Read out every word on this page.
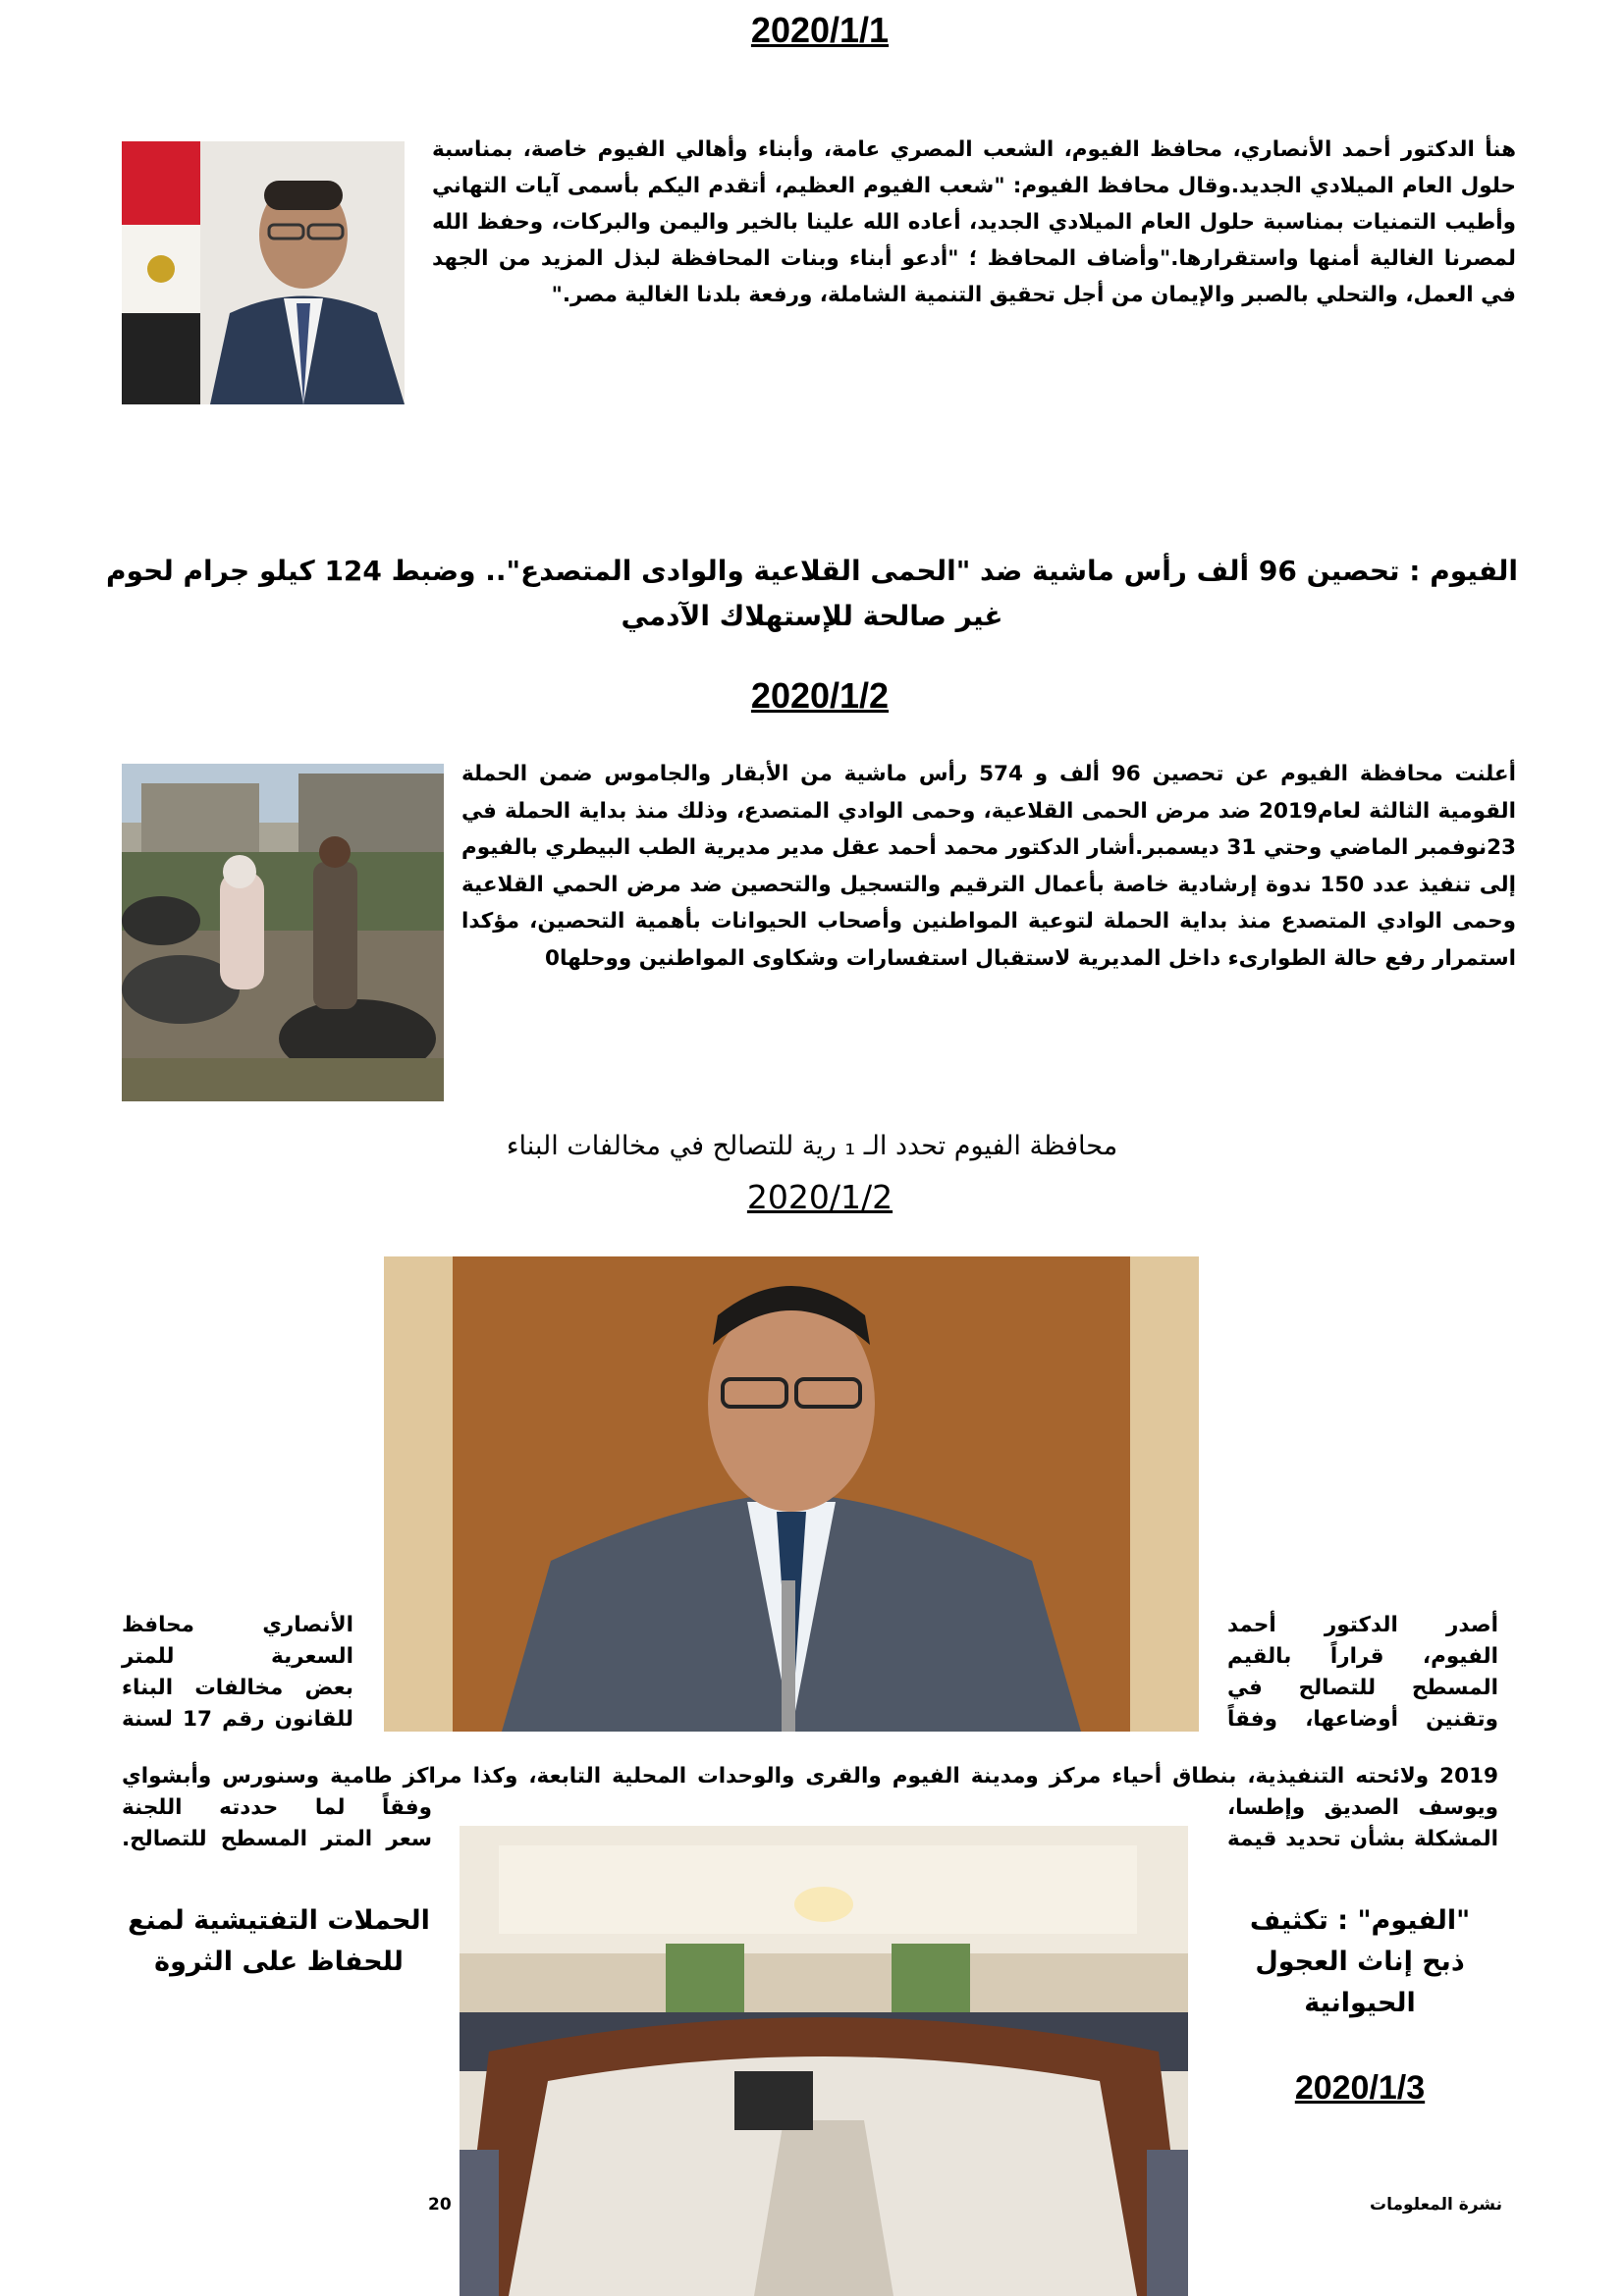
2020/1/1
هنأ الدكتور أحمد الأنصاري، محافظ الفيوم، الشعب المصري عامة، وأبناء وأهالي الفيوم خاصة، بمناسبة حلول العام الميلادي الجديد.وقال محافظ الفيوم: "شعب الفيوم العظيم، أتقدم اليكم بأسمى آيات التهاني وأطيب التمنيات بمناسبة حلول العام الميلادي الجديد، أعاده الله علينا بالخير واليمن والبركات، وحفظ الله لمصرنا الغالية أمنها واستقرارها."وأضاف المحافظ ؛ "أدعو أبناء وبنات المحافظة لبذل المزيد من الجهد في العمل، والتحلي بالصبر والإيمان من أجل تحقيق التنمية الشاملة، ورفعة بلدنا الغالية مصر."
الفيوم : تحصين 96 ألف رأس ماشية ضد "الحمى القلاعية والوادى المتصدع".. وضبط 124 كيلو جرام لحوم
غير صالحة للإستهلاك الآدمي
2020/1/2
أعلنت محافظة الفيوم عن تحصين 96 ألف و 574 رأس ماشية من الأبقار والجاموس ضمن الحملة القومية الثالثة لعام2019 ضد مرض الحمى القلاعية، وحمى الوادي المتصدع، وذلك منذ بداية الحملة في 23نوفمبر الماضي وحتي 31 ديسمبر.أشار الدكتور محمد أحمد عقل مدير مديرية الطب البيطري بالفيوم إلى تنفيذ عدد 150 ندوة إرشادية خاصة بأعمال الترقيم والتسجيل والتحصين ضد مرض الحمي القلاعية وحمى الوادي المتصدع منذ بداية الحملة لتوعية المواطنين وأصحاب الحيوانات بأهمية التحصين، مؤكدا استمرار رفع حالة الطوارىء داخل المديرية لاستقبال استفسارات وشكاوى المواطنين ووحلها0
محافظة الفيوم تحدد الـ ₁ رية للتصالح في مخالفات البناء
2020/1/2
أصدر الدكتور أحمد
الفيوم، قراراً بالقيم
المسطح للتصالح في
وتقنين أوضاعها، وفقاً
الأنصاري محافظ
السعرية للمتر
بعض مخالفات البناء
للقانون رقم 17 لسنة
2019 ولائحته التنفيذية، بنطاق أحياء مركز ومدينة الفيوم والقرى والوحدات المحلية التابعة، وكذا مراكز طامية وسنورس وأبشواي
ويوسف الصديق وإطسا،
المشكلة بشأن تحديد قيمة
وفقاً لما حددته اللجنة
سعر المتر المسطح للتصالح.
"الفيوم" : تكثيف
ذبح إناث العجول
الحيوانية
2020/1/3
الحملات التفتيشية لمنع
للحفاظ على الثروة
نشرة المعلومات
20
